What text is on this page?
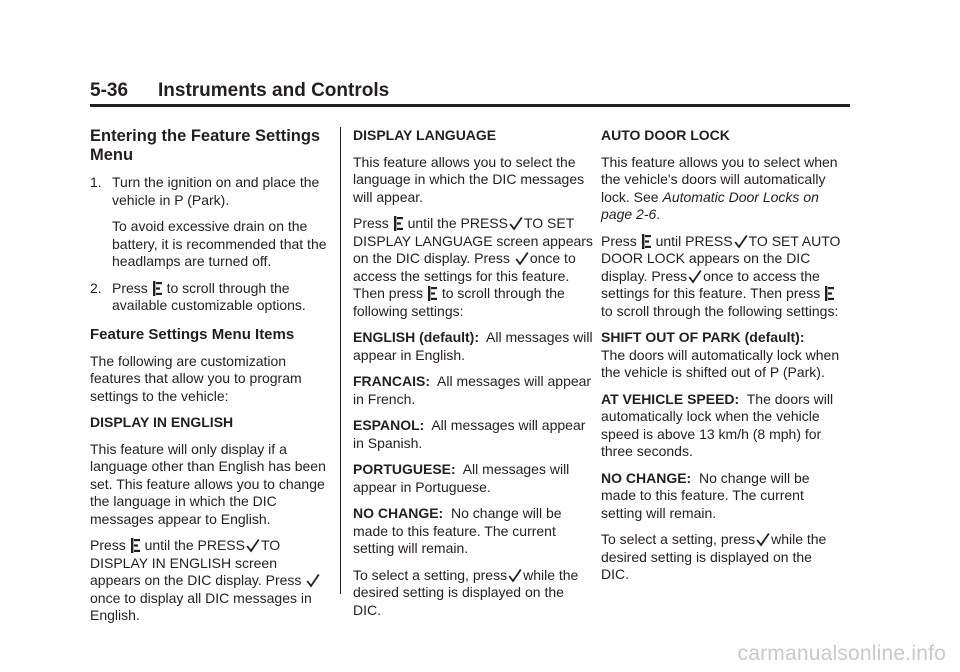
5-36 Instruments and Controls
Entering the Feature Settings Menu
1. Turn the ignition on and place the vehicle in P (Park).

To avoid excessive drain on the battery, it is recommended that the headlamps are turned off.

2. Press to scroll through the available customizable options.
Feature Settings Menu Items

The following are customization features that allow you to program settings to the vehicle:

DISPLAY IN ENGLISH

This feature will only display if a language other than English has been set. This feature allows you to change the language in which the DIC messages appear to English.

Press until the PRESS TO DISPLAY IN ENGLISH screen appears on the DIC display. Press
once to display all DIC messages in English.

DISPLAY LANGUAGE

This feature allows you to select the language in which the DIC messages will appear.

Press until the PRESS TO SET DISPLAY LANGUAGE screen appears on the DIC display. Press once to access the settings for this feature. Then press to scroll through the following settings:

ENGLISH (default): All messages will appear in English.

FRANCAIS: All messages will appear in French.

ESPANOL: All messages will appear in Spanish.

PORTUGUESE: All messages will appear in Portuguese.

NO CHANGE: No change will be made to this feature. The current setting will remain.

To select a setting, press while the desired setting is displayed on the DIC.

AUTO DOOR LOCK

This feature allows you to select when the vehicle's doors will automatically lock. See Automatic Door Locks on page 2-6.

Press until PRESS TO SET AUTO DOOR LOCK appears on the DIC display. Press once to access the settings for this feature. Then press
to scroll through the following settings:

SHIFT OUT OF PARK (default):
The doors will automatically lock when the vehicle is shifted out of P (Park).

AT VEHICLE SPEED: The doors will automatically lock when the vehicle speed is above 13 km/h (8 mph) for three seconds.

NO CHANGE: No change will be made to this feature. The current setting will remain.

To select a setting, press while the desired setting is displayed on the DIC.

carmanualsonline.info
